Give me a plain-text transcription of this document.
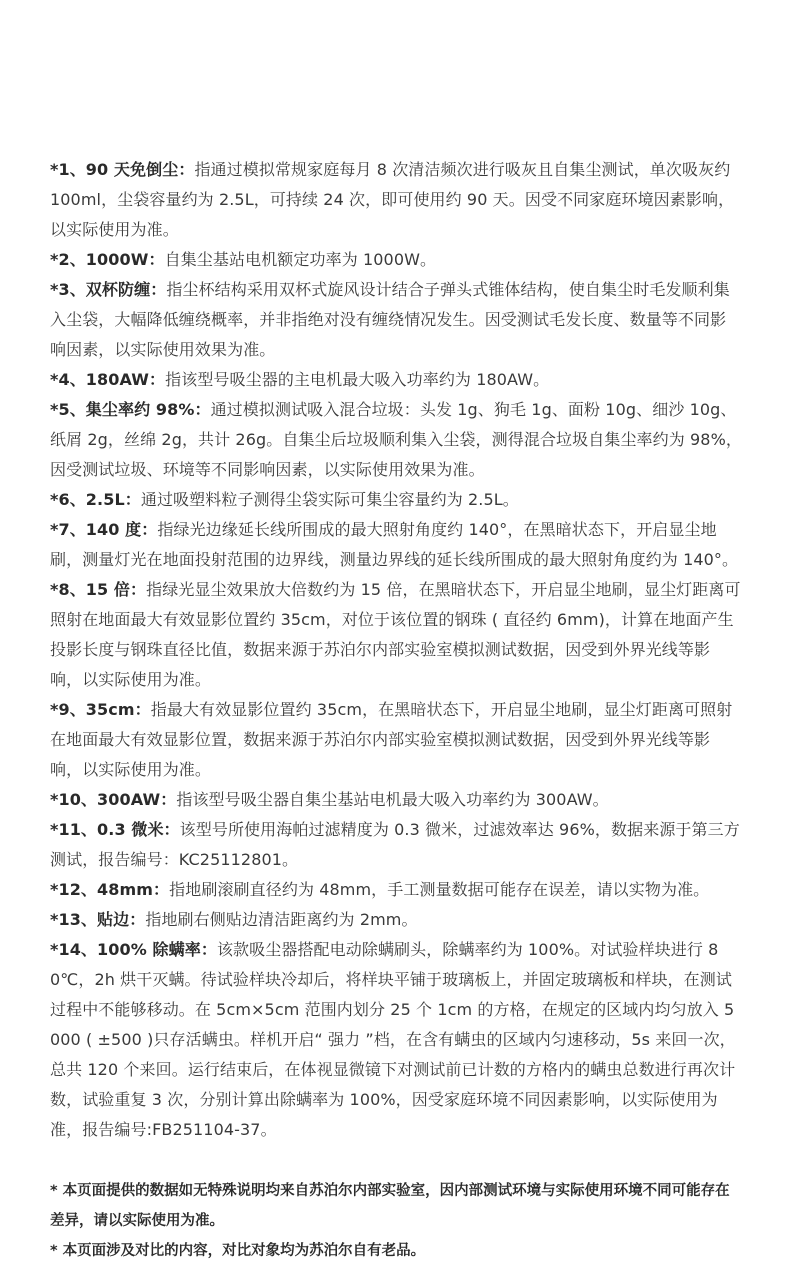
*1、90 天免倒尘：指通过模拟常规家庭每月 8 次清洁频次进行吸灰且自集尘测试，单次吸灰约 100ml，尘袋容量约为 2.5L，可持续 24 次，即可使用约 90 天。因受不同家庭环境因素影响，以实际使用为准。

*2、1000W：自集尘基站电机额定功率为 1000W。

*3、双杯防缠：指尘杯结构采用双杯式旋风设计结合子弹头式锥体结构，使自集尘时毛发顺利集入尘袋，大幅降低缠绕概率，并非指绝对没有缠绕情况发生。因受测试毛发长度、数量等不同影响因素，以实际使用效果为准。

*4、180AW：指该型号吸尘器的主电机最大吸入功率约为 180AW。

*5、集尘率约 98%：通过模拟测试吸入混合垃圾：头发 1g、狗毛 1g、面粉 10g、细沙 10g、纸屑 2g，丝绵 2g，共计 26g。自集尘后垃圾顺利集入尘袋，测得混合垃圾自集尘率约为 98%，因受测试垃圾、环境等不同影响因素，以实际使用效果为准。

*6、2.5L：通过吸塑料粒子测得尘袋实际可集尘容量约为 2.5L。

*7、140 度：指绿光边缘延长线所围成的最大照射角度约 140°，在黑暗状态下，开启显尘地刷，测量灯光在地面投射范围的边界线，测量边界线的延长线所围成的最大照射角度约为 140°。

*8、15 倍：指绿光显尘效果放大倍数约为 15 倍，在黑暗状态下，开启显尘地刷，显尘灯距离可照射在地面最大有效显影位置约 35cm，对位于该位置的钢珠 ( 直径约 6mm)，计算在地面产生投影长度与钢珠直径比值，数据来源于苏泊尔内部实验室模拟测试数据，因受到外界光线等影响，以实际使用为准。

*9、35cm：指最大有效显影位置约 35cm，在黑暗状态下，开启显尘地刷，显尘灯距离可照射在地面最大有效显影位置，数据来源于苏泊尔内部实验室模拟测试数据，因受到外界光线等影响，以实际使用为准。

*10、300AW：指该型号吸尘器自集尘基站电机最大吸入功率约为 300AW。

*11、0.3 微米：该型号所使用海帕过滤精度为 0.3 微米，过滤效率达 96%，数据来源于第三方测试，报告编号：KC25112801。

*12、48mm：指地刷滚刷直径约为 48mm，手工测量数据可能存在误差，请以实物为准。

*13、贴边：指地刷右侧贴边清洁距离约为 2mm。

*14、100% 除螨率：该款吸尘器搭配电动除螨刷头，除螨率约为 100%。对试验样块进行 80℃，2h 烘干灭螨。待试验样块冷却后，将样块平铺于玻璃板上，并固定玻璃板和样块，在测试过程中不能够移动。在 5cm×5cm 范围内划分 25 个 1cm 的方格，在规定的区域内均匀放入 5000 ( ±500 )只存活螨虫。样机开启“ 强力 ”档，在含有螨虫的区域内匀速移动，5s 来回一次，总共 120 个来回。运行结束后，在体视显微镜下对测试前已计数的方格内的螨虫总数进行再次计数，试验重复 3 次，分别计算出除螨率为 100%，因受家庭环境不同因素影响，以实际使用为准，报告编号:FB251104-37。

* 本页面提供的数据如无特殊说明均来自苏泊尔内部实验室，因内部测试环境与实际使用环境不同可能存在差异，请以实际使用为准。

* 本页面涉及对比的内容，对比对象均为苏泊尔自有老品。
